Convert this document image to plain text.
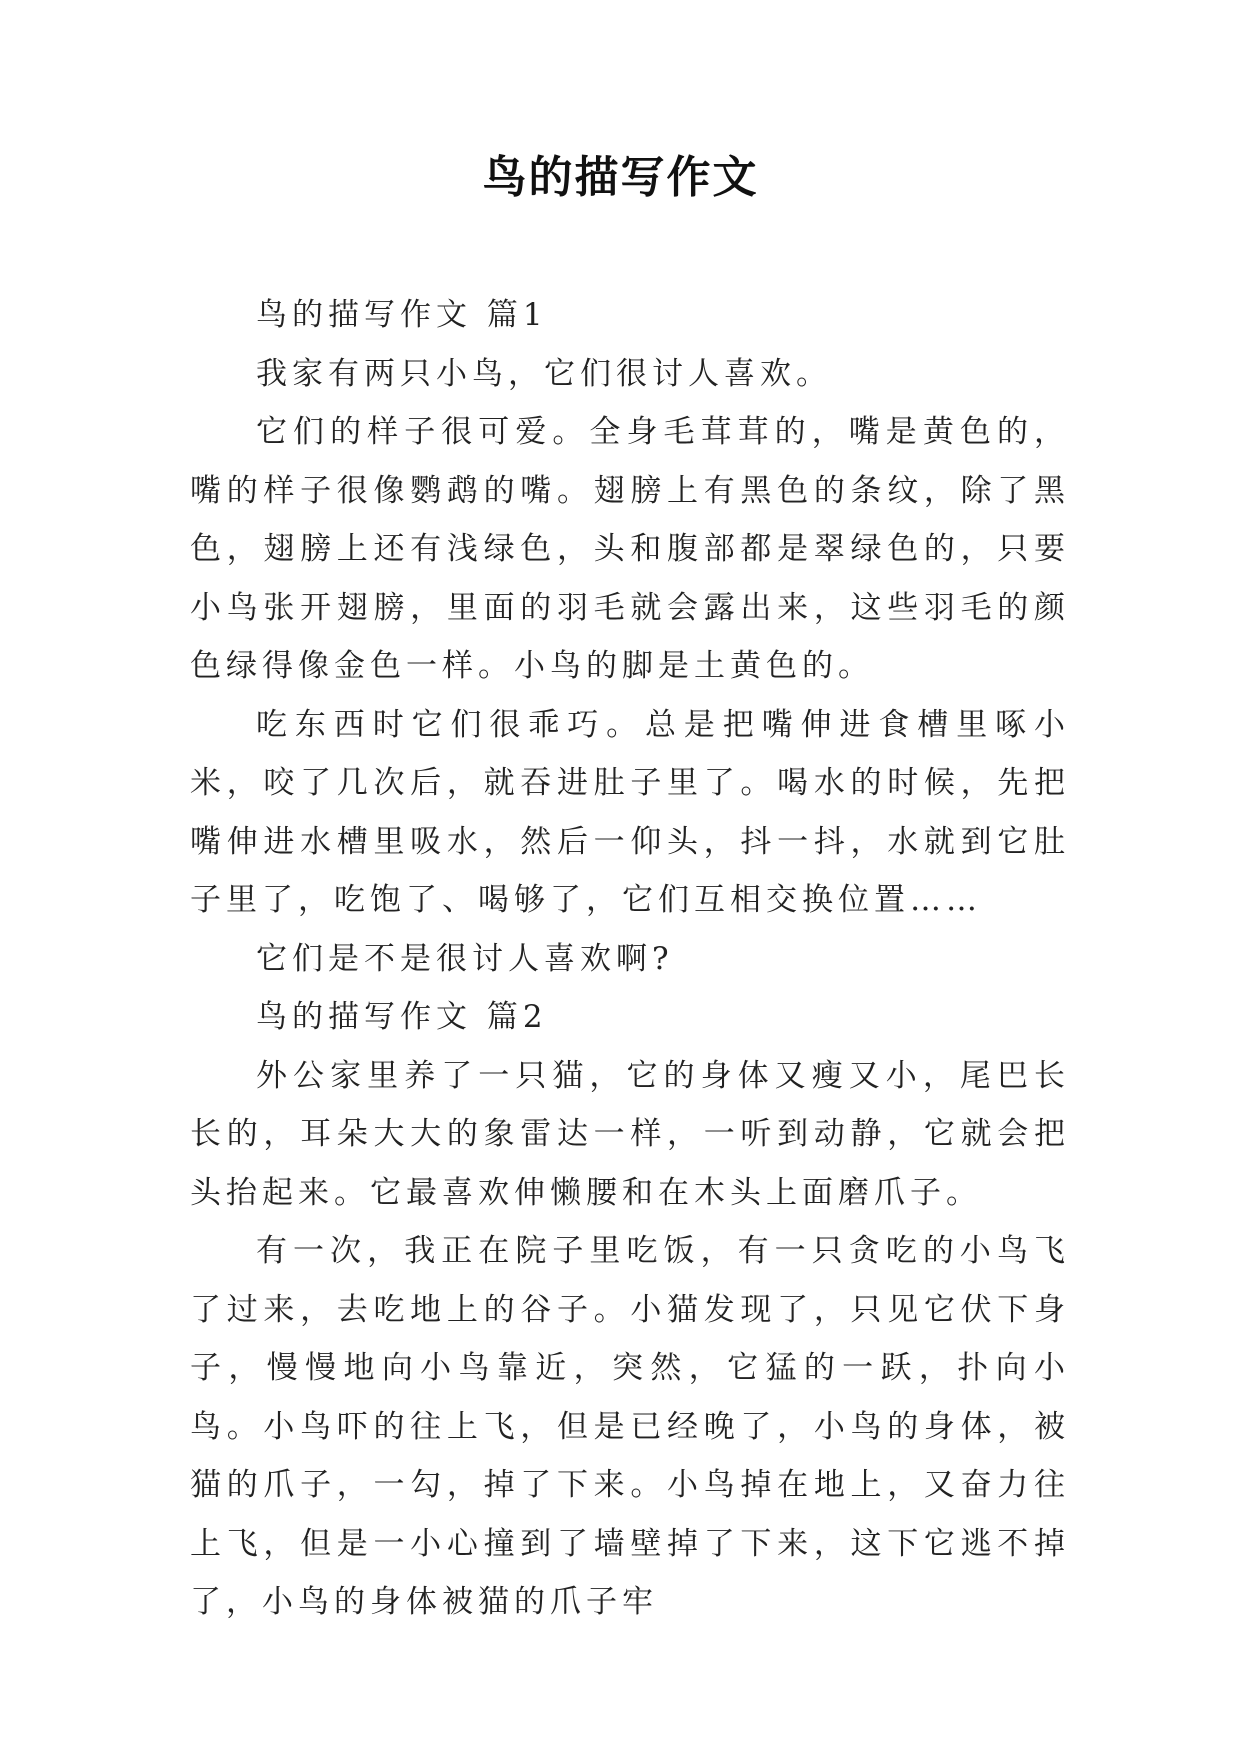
鸟的描写作文

鸟的描写作文 篇1

我家有两只小鸟，它们很讨人喜欢。

它们的样子很可爱。全身毛茸茸的，嘴是黄色的，嘴的样子很像鹦鹉的嘴。翅膀上有黑色的条纹，除了黑色，翅膀上还有浅绿色，头和腹部都是翠绿色的，只要小鸟张开翅膀，里面的羽毛就会露出来，这些羽毛的颜色绿得像金色一样。小鸟的脚是土黄色的。

吃东西时它们很乖巧。总是把嘴伸进食槽里啄小米，咬了几次后，就吞进肚子里了。喝水的时候，先把嘴伸进水槽里吸水，然后一仰头，抖一抖，水就到它肚子里了，吃饱了、喝够了，它们互相交换位置……

它们是不是很讨人喜欢啊?

鸟的描写作文 篇2

外公家里养了一只猫，它的身体又瘦又小，尾巴长长的，耳朵大大的象雷达一样，一听到动静，它就会把头抬起来。它最喜欢伸懒腰和在木头上面磨爪子。

有一次，我正在院子里吃饭，有一只贪吃的小鸟飞了过来，去吃地上的谷子。小猫发现了，只见它伏下身子，慢慢地向小鸟靠近，突然，它猛的一跃，扑向小鸟。小鸟吓的往上飞，但是已经晚了，小鸟的身体，被猫的爪子，一勾，掉了下来。小鸟掉在地上，又奋力往上飞，但是一小心撞到了墙壁掉了下来，这下它逃不掉了，小鸟的身体被猫的爪子牢
